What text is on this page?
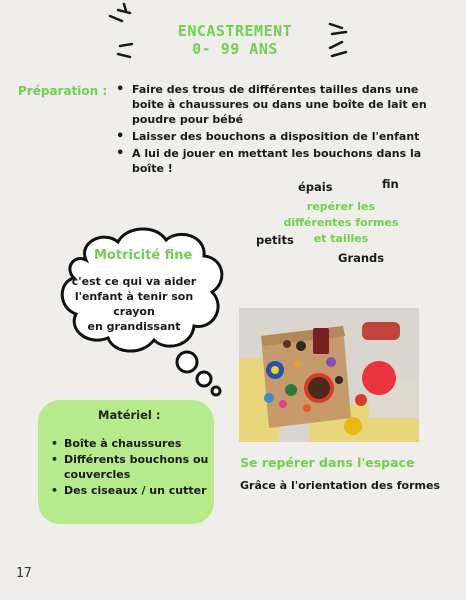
ENCASTREMENT
0- 99 ANS
Préparation :
•	Faire des trous de différentes tailles dans une boite à chaussures ou dans une boîte de lait en poudre pour bébé
• Laisser des bouchons a disposition de l'enfant
• A lui de jouer en mettant les bouchons dans la boîte !
épais	fin
repérer les différentes formes et tailles
petits
Grands
Motricité fine
c'est ce qui va aider
l'enfant à tenir son crayon
en grandissant
Matériel :
• Boîte à chaussures
• Différents bouchons ou couvercles
• Des ciseaux / un cutter
Se repérer dans l'espace
Grâce à l'orientation des formes
17
